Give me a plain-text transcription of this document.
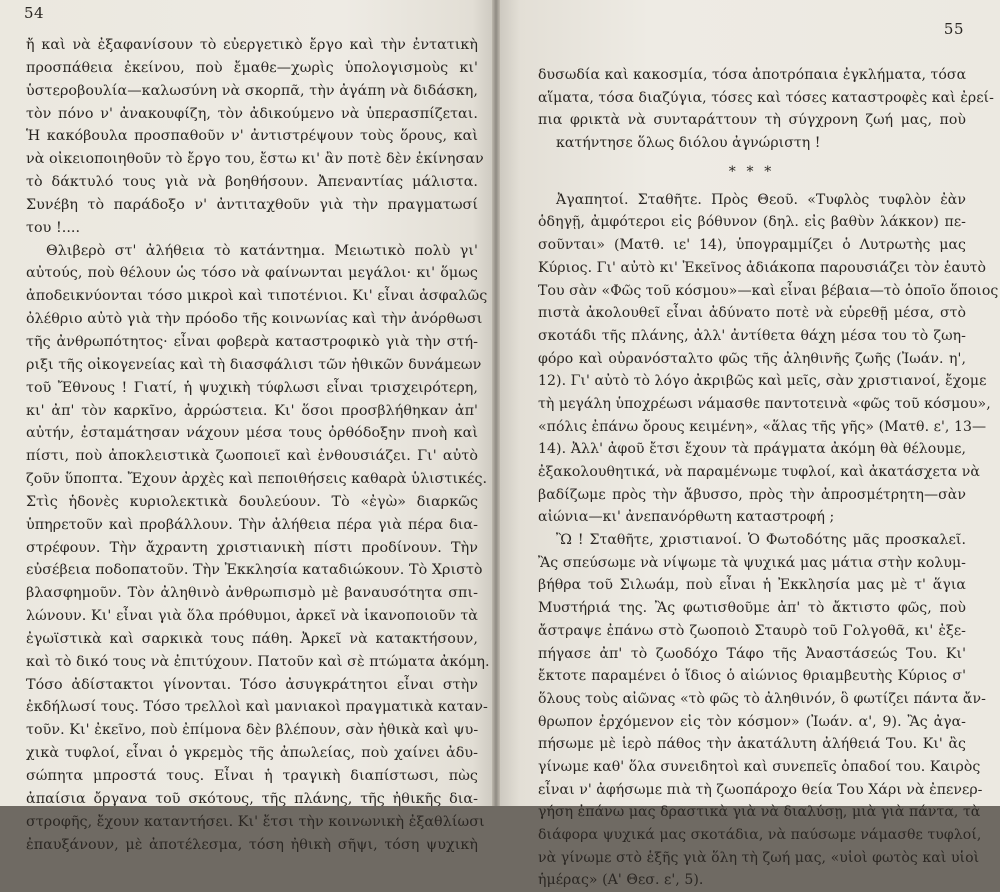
54
ἤ καὶ νὰ ἐξαφανίσουν τὸ εὐεργετικὸ ἔργο καὶ τὴν ἐντατικὴ
προσπάθεια ἐκείνου, ποὺ ἔμαθε—χωρὶς ὑπολογισμοὺς κι'
ὑστεροβουλία—καλωσύνη νὰ σκορπᾶ, τὴν ἀγάπη νὰ διδάσκη,
τὸν πόνο ν' ἀνακουφίζη, τὸν ἀδικούμενο νὰ ὑπερασπίζεται.
Ἡ κακόβουλα προσπαθοῦν ν' ἀντιστρέψουν τοὺς ὅρους, καὶ
νὰ οἰκειοποιηθοῦν τὸ ἔργο του, ἔστω κι' ἂν ποτὲ δὲν ἐκίνησαν
τὸ δάκτυλό τους γιὰ νὰ βοηθήσουν. Ἀπεναντίας μάλιστα.
Συνέβη τὸ παράδοξο ν' ἀντιταχθοῦν γιὰ τὴν πραγματωσί
του !....
Θλιβερὸ στ' ἀλήθεια τὸ κατάντημα. Μειωτικὸ πολὺ γι'
αὐτούς, ποὺ θέλουν ὡς τόσο νὰ φαίνωνται μεγάλοι· κι' ὅμως
ἀποδεικνύονται τόσο μικροὶ καὶ τιποτένιοι. Κι' εἶναι ἀσφαλῶς
ὀλέθριο αὐτὸ γιὰ τὴν πρόοδο τῆς κοινωνίας καὶ τὴν ἀνόρθωσι
τῆς ἀνθρωπότητος· εἶναι φοβερὰ καταστροφικὸ γιὰ τὴν στή-
ριξι τῆς οἰκογενείας καὶ τὴ διασφάλισι τῶν ἠθικῶν δυνάμεων
τοῦ Ἔθνους ! Γιατί, ἡ ψυχικὴ τύφλωσι εἶναι τρισχειρότερη,
κι' ἀπ' τὸν καρκῖνο, ἀρρώστεια. Κι' ὅσοι προσβλήθηκαν ἀπ'
αὐτήν, ἐσταμάτησαν νάχουν μέσα τους ὀρθόδοξην πνοὴ καὶ
πίστι, ποὺ ἀποκλειστικὰ ζωοποιεῖ καὶ ἐνθουσιάζει. Γι' αὐτὸ
ζοῦν ὕποπτα. Ἔχουν ἀρχὲς καὶ πεποιθήσεις καθαρὰ ὑλιστικές.
Στὶς ἡδονὲς κυριολεκτικὰ δουλεύουν. Τὸ «ἐγὼ» διαρκῶς
ὑπηρετοῦν καὶ προβάλλουν. Τὴν ἀλήθεια πέρα γιὰ πέρα δια-
στρέφουν. Τὴν ἄχραντη χριστιανικὴ πίστι προδίνουν. Τὴν
εὐσέβεια ποδοπατοῦν. Τὴν Ἐκκλησία καταδιώκουν. Τὸ Χριστὸ
βλασφημοῦν. Τὸν ἀληθινὸ ἀνθρωπισμὸ μὲ βαναυσότητα σπι-
λώνουν. Κι' εἶναι γιὰ ὅλα πρόθυμοι, ἀρκεῖ νὰ ἱκανοποιοῦν τὰ
ἐγωϊστικὰ καὶ σαρκικὰ τους πάθη. Ἀρκεῖ νὰ κατακτήσουν,
καὶ τὸ δικό τους νὰ ἐπιτύχουν. Πατοῦν καὶ σὲ πτώματα ἀκόμη.
Τόσο ἀδίστακτοι γίνονται. Τόσο ἀσυγκράτητοι εἶναι στὴν
ἐκδήλωσί τους. Τόσο τρελλοὶ καὶ μανιακοὶ πραγματικὰ καταν-
τοῦν. Κι' ἐκεῖνο, ποὺ ἐπίμονα δὲν βλέπουν, σὰν ἠθικὰ καὶ ψυ-
χικὰ τυφλοί, εἶναι ὁ γκρεμὸς τῆς ἀπωλείας, ποὺ χαίνει ἀδυ-
σώπητα μπροστά τους. Εἶναι ἡ τραγικὴ διαπίστωσι, πὼς
ἀπαίσια ὄργανα τοῦ σκότους, τῆς πλάνης, τῆς ἠθικῆς δια-
στροφῆς, ἔχουν καταντήσει. Κι' ἔτσι τὴν κοινωνικὴ ἐξαθλίωσι
ἐπαυξάνουν, μὲ ἀποτέλεσμα, τόση ἠθικὴ σῆψι, τόση ψυχικὴ
55
δυσωδία καὶ κακοσμία, τόσα ἀποτρόπαια ἐγκλήματα, τόσα
αἵματα, τόσα διαζύγια, τόσες καὶ τόσες καταστροφὲς καὶ ἐρεί-
πια φρικτὰ νὰ συνταράττουν τὴ σύγχρονη ζωή μας, ποὺ
κατήντησε ὅλως διόλου ἀγνώριστη !
* * *
Ἀγαπητοί. Σταθῆτε. Πρὸς Θεοῦ. «Τυφλὸς τυφλὸν ἐὰν
ὁδηγῇ, ἀμφότεροι εἰς βόθυνον (δηλ. εἰς βαθὺν λάκκον) πε-
σοῦνται» (Ματθ. ιε' 14), ὑπογραμμίζει ὁ Λυτρωτὴς μας
Κύριος. Γι' αὐτὸ κι' Ἐκεῖνος ἀδιάκοπα παρουσιάζει τὸν ἑαυτὸ
Του σὰν «Φῶς τοῦ κόσμου»—καὶ εἶναι βέβαια—τὸ ὁποῖο ὅποιος
πιστὰ ἀκολουθεῖ εἶναι ἀδύνατο ποτὲ νὰ εὑρεθῇ μέσα, στὸ
σκοτάδι τῆς πλάνης, ἀλλ' ἀντίθετα θάχη μέσα του τὸ ζωη-
φόρο καὶ οὐρανόσταλτο φῶς τῆς ἀληθινῆς ζωῆς (Ἰωάν. η',
12). Γι' αὐτὸ τὸ λόγο ἀκριβῶς καὶ μεῖς, σὰν χριστιανοί, ἔχομε
τὴ μεγάλη ὑποχρέωσι νάμασθε παντοτεινὰ «φῶς τοῦ κόσμου»,
«πόλις ἐπάνω ὄρους κειμένη», «ἅλας τῆς γῆς» (Ματθ. ε', 13—
14). Ἀλλ' ἀφοῦ ἔτσι ἔχουν τὰ πράγματα ἀκόμη θὰ θέλουμε,
ἐξακολουθητικά, νὰ παραμένωμε τυφλοί, καὶ ἀκατάσχετα νὰ
βαδίζωμε πρὸς τὴν ἄβυσσο, πρὸς τὴν ἀπροσμέτρητη—σὰν
αἰώνια—κι' ἀνεπανόρθωτη καταστροφή ;
Ὢ ! Σταθῆτε, χριστιανοί. Ὁ Φωτοδότης μᾶς προσκαλεῖ.
Ἂς σπεύσωμε νὰ νίψωμε τὰ ψυχικά μας μάτια στὴν κολυμ-
βήθρα τοῦ Σιλωάμ, ποὺ εἶναι ἡ Ἐκκλησία μας μὲ τ' ἅγια
Μυστήριά της. Ἂς φωτισθοῦμε ἀπ' τὸ ἄκτιστο φῶς, ποὺ
ἄστραψε ἐπάνω στὸ ζωοποιὸ Σταυρὸ τοῦ Γολγοθᾶ, κι' ἐξε-
πήγασε ἀπ' τὸ ζωοδόχο Τάφο τῆς Ἀναστάσεώς Του. Κι'
ἔκτοτε παραμένει ὁ ἴδιος ὁ αἰώνιος θριαμβευτὴς Κύριος σ'
ὅλους τοὺς αἰῶνας «τὸ φῶς τὸ ἀληθινόν, ὃ φωτίζει πάντα ἄν-
θρωπον ἐρχόμενον εἰς τὸν κόσμον» (Ἰωάν. α', 9). Ἂς ἀγα-
πήσωμε μὲ ἱερὸ πάθος τὴν ἀκατάλυτη ἀλήθειά Του. Κι' ἂς
γίνωμε καθ' ὅλα συνειδητοὶ καὶ συνεπεῖς ὀπαδοί του. Καιρὸς
εἶναι ν' ἀφήσωμε πιὰ τὴ ζωοπάροχο θεία Του Χάρι νὰ ἐπενερ-
γήση ἐπάνω μας δραστικὰ γιὰ νὰ διαλύσῃ, μιὰ γιὰ πάντα, τὰ
διάφορα ψυχικά μας σκοτάδια, νὰ παύσωμε νάμασθε τυφλοί,
νὰ γίνωμε στὸ ἑξῆς γιὰ ὅλη τὴ ζωή μας, «υἱοὶ φωτὸς καὶ υἱοὶ
ἡμέρας» (Α' Θεσ. ε', 5).
